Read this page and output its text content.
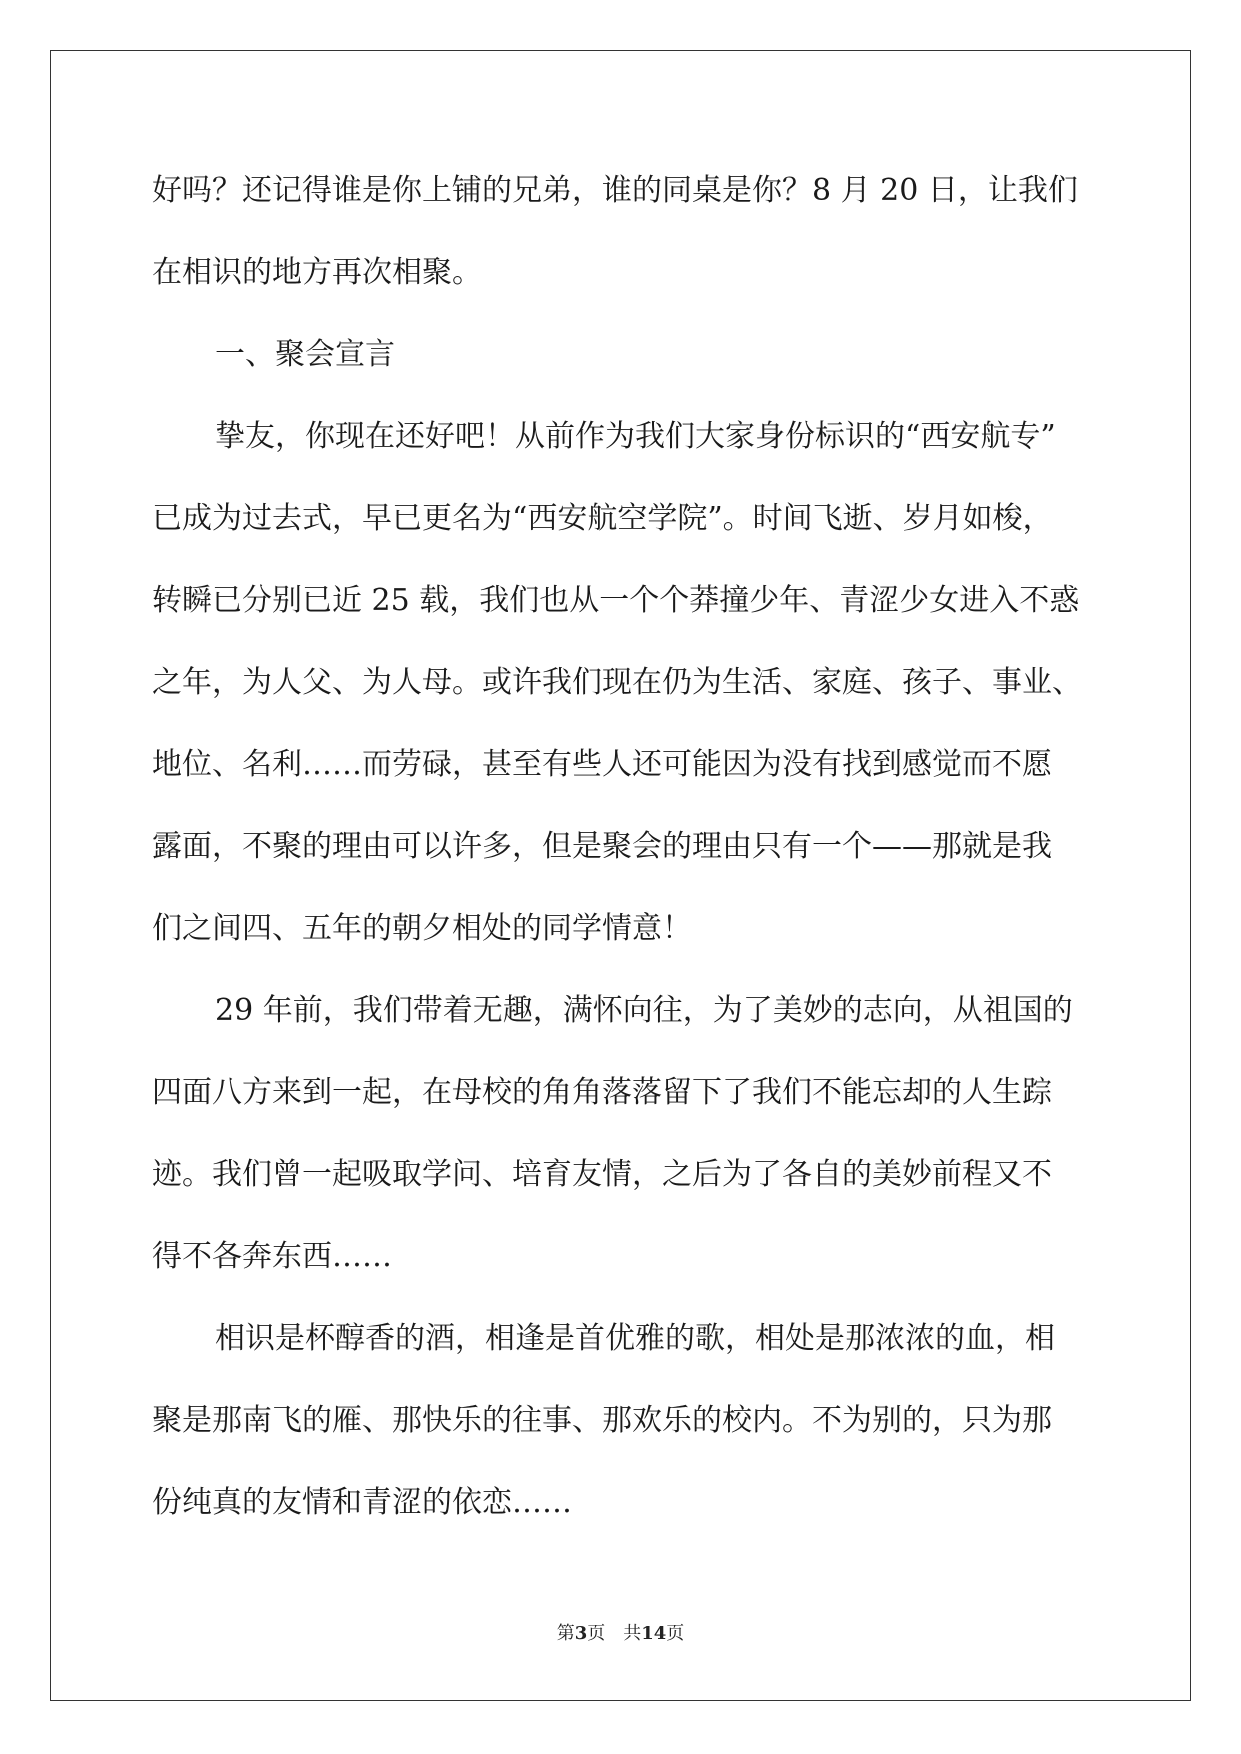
好吗？还记得谁是你上铺的兄弟，谁的同桌是你？8 月 20 日，让我们
在相识的地方再次相聚。
一、聚会宣言
挚友，你现在还好吧！从前作为我们大家身份标识的“西安航专”
已成为过去式，早已更名为“西安航空学院”。时间飞逝、岁月如梭，
转瞬已分别已近 25 载，我们也从一个个莽撞少年、青涩少女进入不惑
之年，为人父、为人母。或许我们现在仍为生活、家庭、孩子、事业、
地位、名利……而劳碌，甚至有些人还可能因为没有找到感觉而不愿
露面，不聚的理由可以许多，但是聚会的理由只有一个——那就是我
们之间四、五年的朝夕相处的同学情意！
29 年前，我们带着无趣，满怀向往，为了美妙的志向，从祖国的
四面八方来到一起，在母校的角角落落留下了我们不能忘却的人生踪
迹。我们曾一起吸取学问、培育友情，之后为了各自的美妙前程又不
得不各奔东西……
相识是杯醇香的酒，相逢是首优雅的歌，相处是那浓浓的血，相
聚是那南飞的雁、那快乐的往事、那欢乐的校内。不为别的，只为那
份纯真的友情和青涩的依恋……
第3页 共14页
